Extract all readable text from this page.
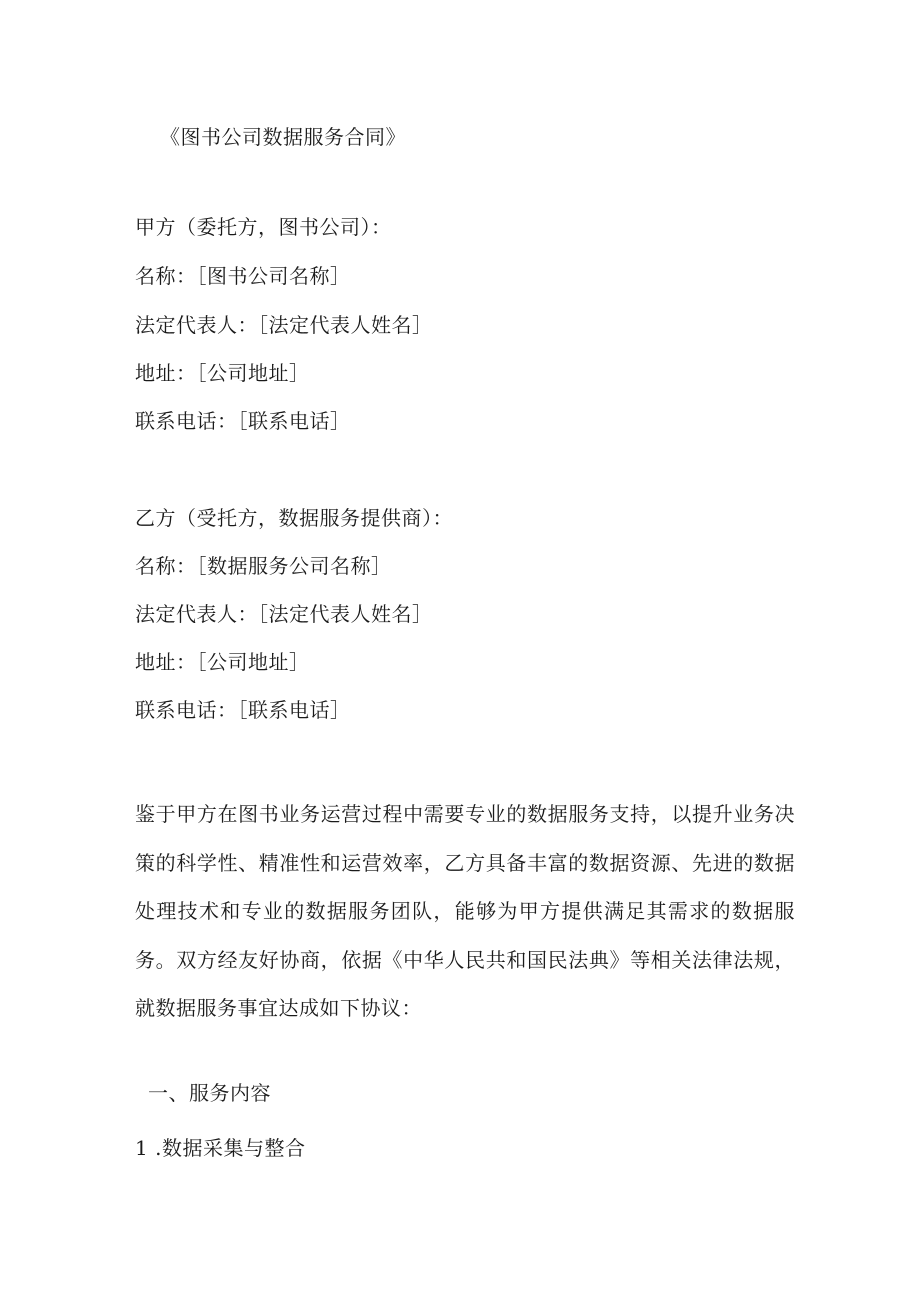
《图书公司数据服务合同》
甲方（委托方，图书公司）：
名称：［图书公司名称］
法定代表人：［法定代表人姓名］
地址：［公司地址］
联系电话：［联系电话］
乙方（受托方，数据服务提供商）：
名称：［数据服务公司名称］
法定代表人：［法定代表人姓名］
地址：［公司地址］
联系电话：［联系电话］
鉴于甲方在图书业务运营过程中需要专业的数据服务支持，以提升业务决策的科学性、精准性和运营效率，乙方具备丰富的数据资源、先进的数据处理技术和专业的数据服务团队，能够为甲方提供满足其需求的数据服务。双方经友好协商，依据《中华人民共和国民法典》等相关法律法规，就数据服务事宜达成如下协议：
一、服务内容
1 .数据采集与整合
